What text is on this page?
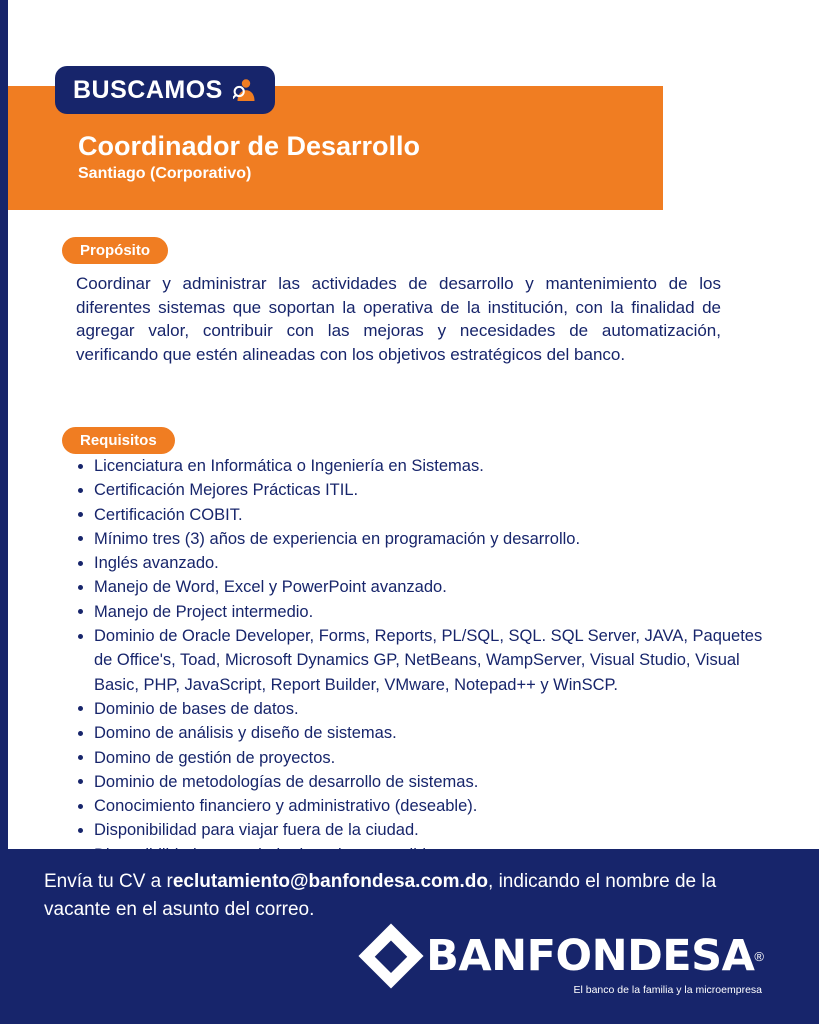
BUSCAMOS
Coordinador de Desarrollo
Santiago (Corporativo)
Propósito
Coordinar y administrar las actividades de desarrollo y mantenimiento de los diferentes sistemas que soportan la operativa de la institución, con la finalidad de agregar valor, contribuir con las mejoras y necesidades de automatización, verificando que estén alineadas con los objetivos estratégicos del banco.
Requisitos
Licenciatura en Informática o Ingeniería en Sistemas.
Certificación Mejores Prácticas ITIL.
Certificación COBIT.
Mínimo tres (3) años de experiencia en programación y desarrollo.
Inglés avanzado.
Manejo de Word, Excel y PowerPoint avanzado.
Manejo de Project intermedio.
Dominio de Oracle Developer, Forms, Reports, PL/SQL, SQL. SQL Server, JAVA, Paquetes de Office's, Toad, Microsoft Dynamics GP, NetBeans, WampServer, Visual Studio, Visual Basic, PHP, JavaScript, Report Builder, VMware, Notepad++ y WinSCP.
Dominio de bases de datos.
Domino de análisis y diseño de sistemas.
Domino de gestión de proyectos.
Dominio de metodologías de desarrollo de sistemas.
Conocimiento financiero y administrativo (deseable).
Disponibilidad para viajar fuera de la ciudad.
Envía tu CV a reclutamiento@banfondesa.com.do, indicando el nombre de la vacante en el asunto del correo.
BANFONDESA ®
El banco de la familia y la microempresa
